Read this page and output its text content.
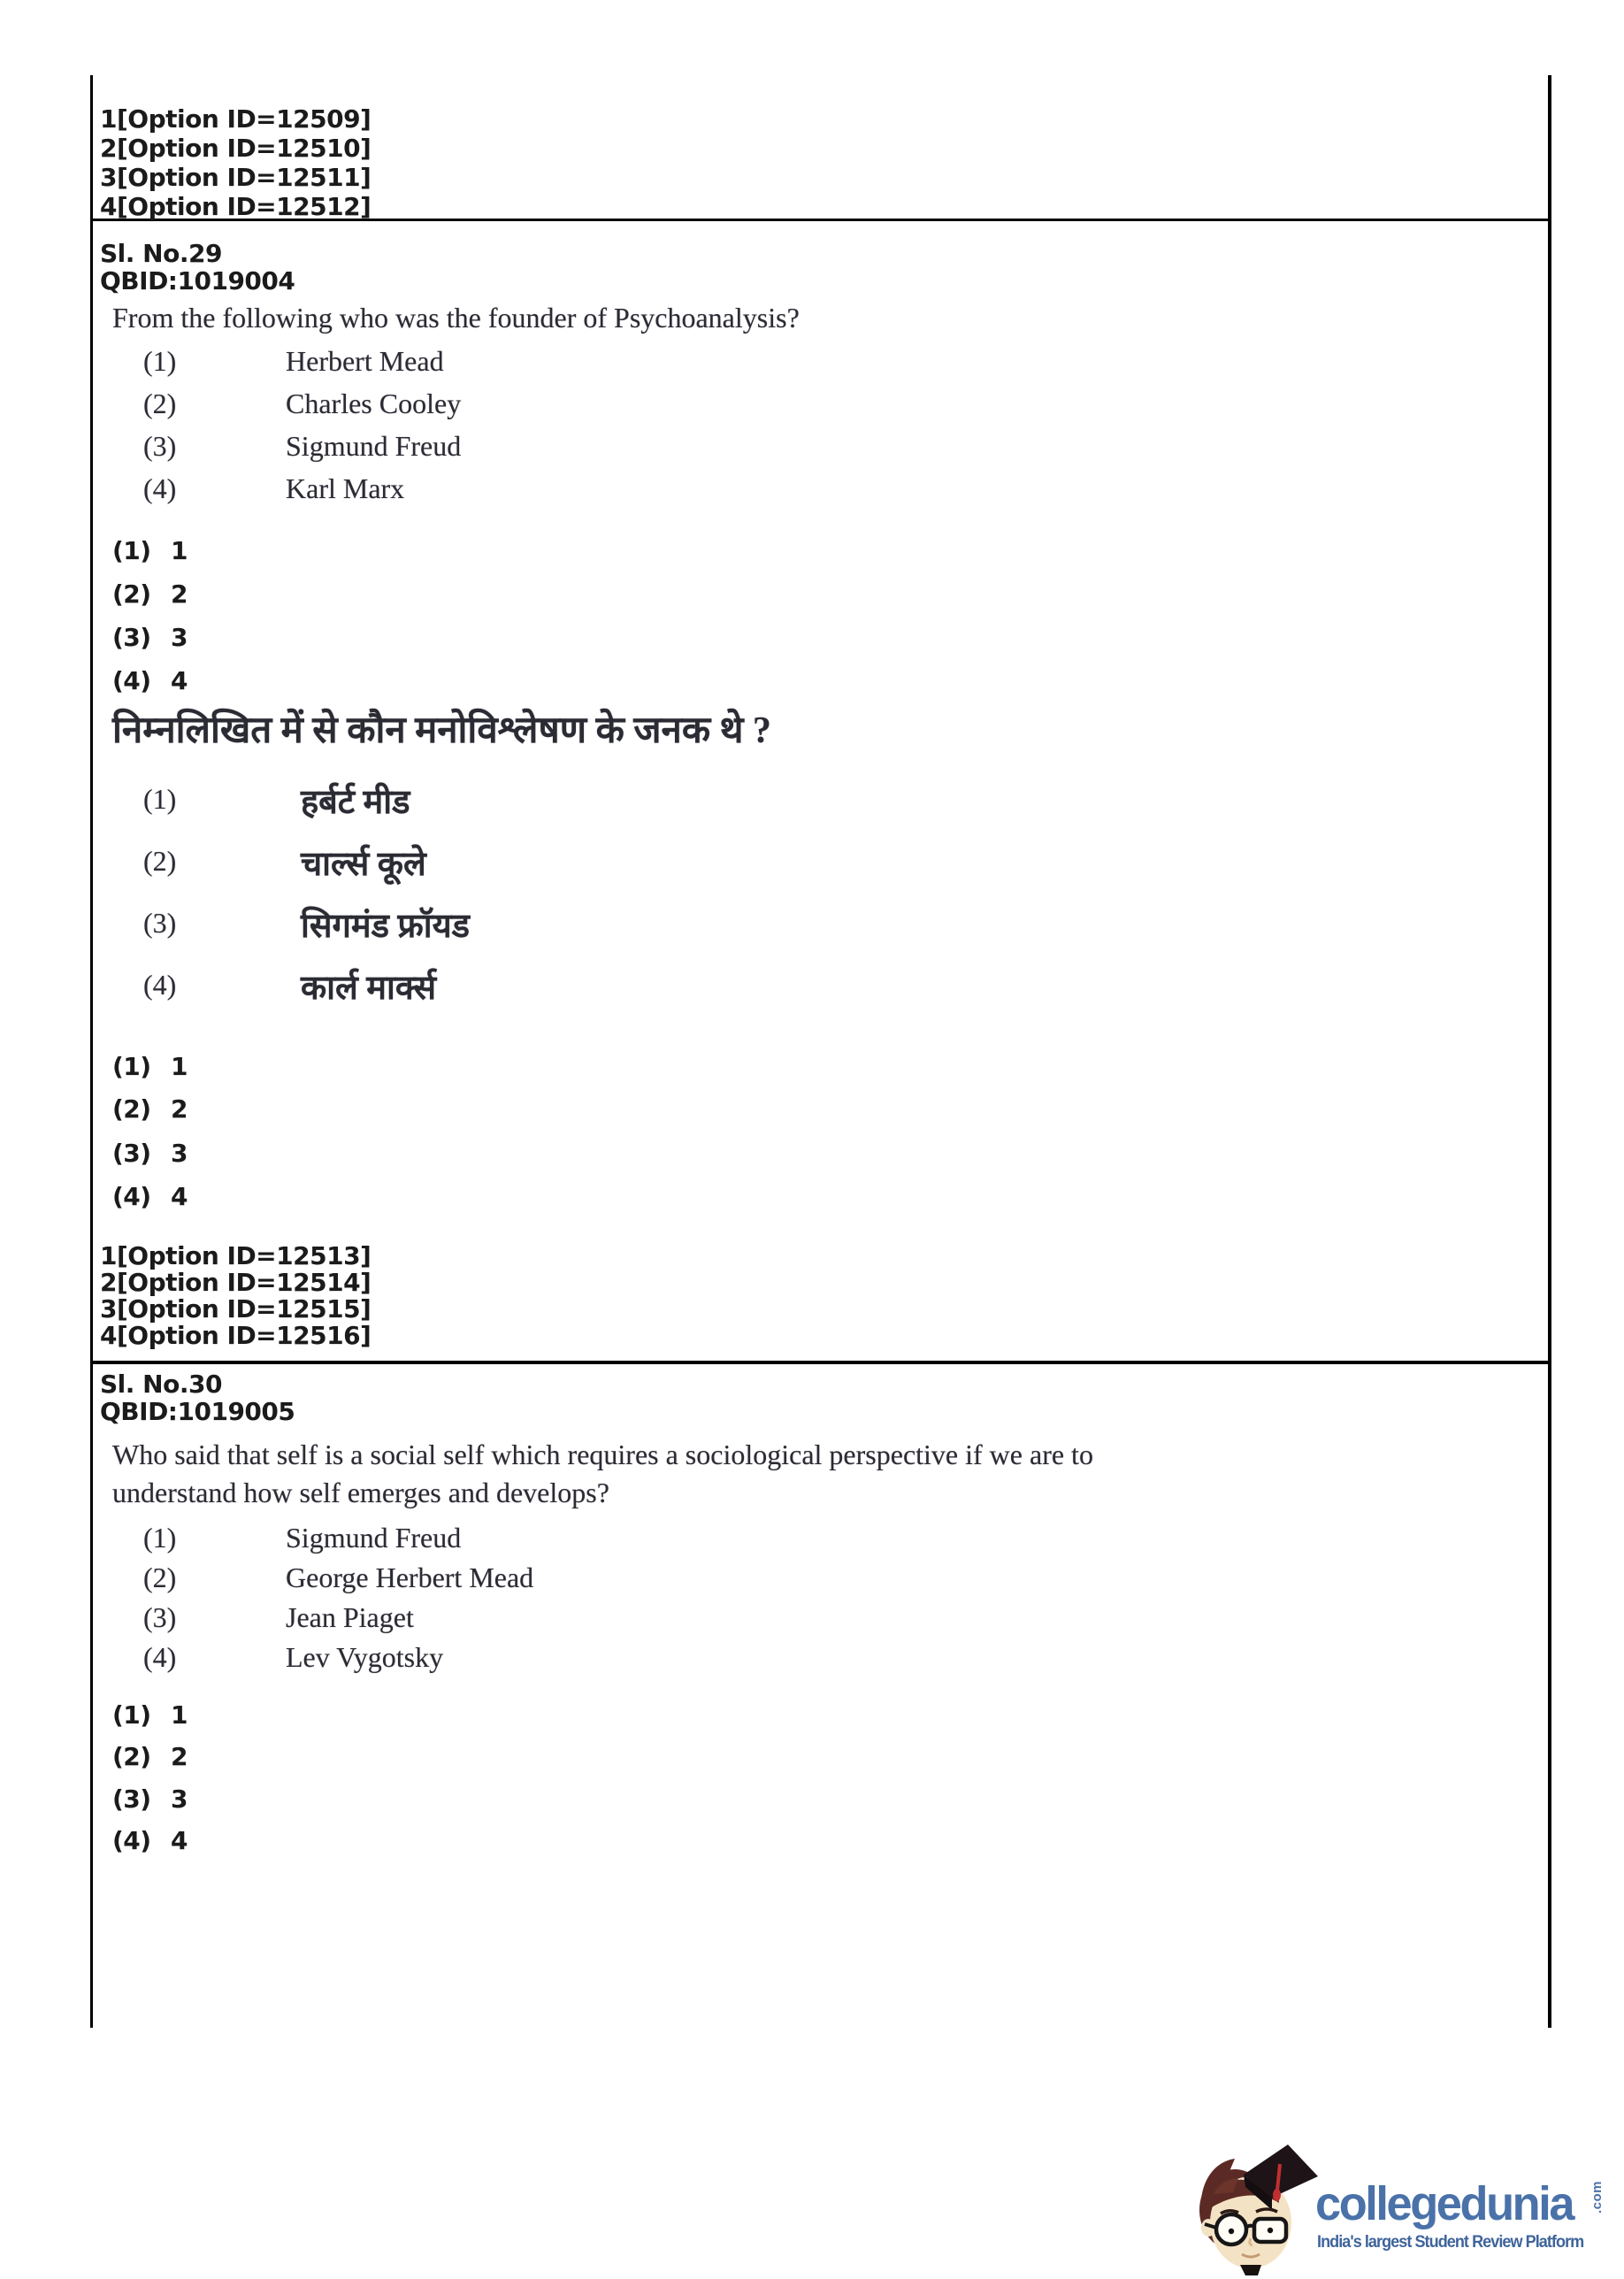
1[Option ID=12509]
2[Option ID=12510]
3[Option ID=12511]
4[Option ID=12512]
Sl. No.29
QBID:1019004
From the following who was the founder of Psychoanalysis?
(1)	Herbert Mead
(2)	Charles Cooley
(3)	Sigmund Freud
(4)	Karl Marx
(1) 1
(2) 2
(3) 3
(4) 4
निम्नलिखित में से कौन मनोविश्लेषण के जनक थे ?
(1)	हर्बर्ट मीड
(2)	चार्ल्स कूले
(3)	सिगमंड फ्रॉयड
(4)	कार्ल मार्क्स
(1) 1
(2) 2
(3) 3
(4) 4
1[Option ID=12513]
2[Option ID=12514]
3[Option ID=12515]
4[Option ID=12516]
Sl. No.30
QBID:1019005
Who said that self is a social self which requires a sociological perspective if we are to
understand how self emerges and develops?
(1)	Sigmund Freud
(2)	George Herbert Mead
(3)	Jean Piaget
(4)	Lev Vygotsky
(1) 1
(2) 2
(3) 3
(4) 4
collegedunia .com
India's largest Student Review Platform
